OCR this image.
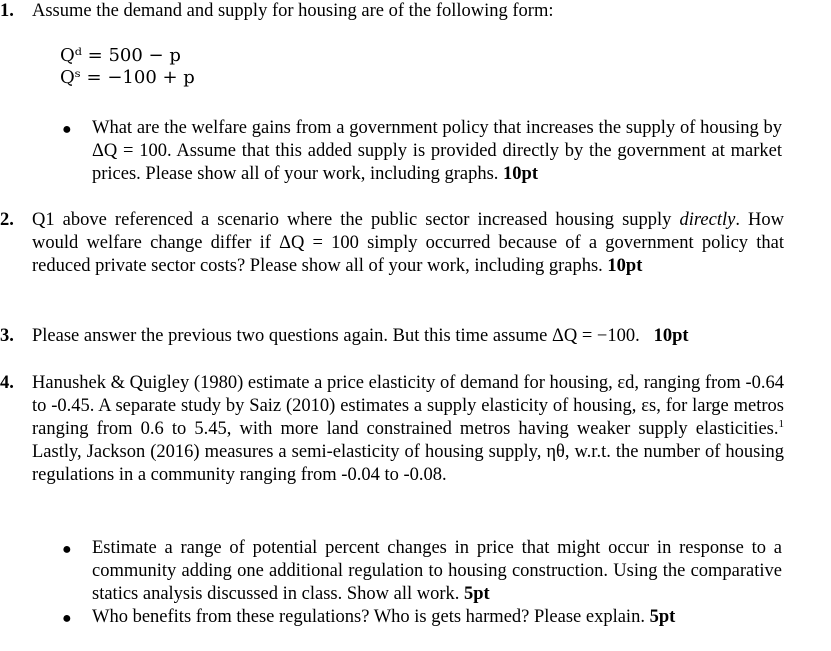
1. Assume the demand and supply for housing are of the following form:
Qᵈ = 500 − p
Qˢ = −100 + p
● What are the welfare gains from a government policy that increases the supply of housing by ΔQ = 100. Assume that this added supply is provided directly by the government at market prices. Please show all of your work, including graphs. 10pt
2. Q1 above referenced a scenario where the public sector increased housing supply directly. How would welfare change differ if ΔQ = 100 simply occurred because of a government policy that reduced private sector costs? Please show all of your work, including graphs. 10pt
3. Please answer the previous two questions again. But this time assume ΔQ = −100. 10pt
4. Hanushek & Quigley (1980) estimate a price elasticity of demand for housing, εd, ranging from -0.64 to -0.45. A separate study by Saiz (2010) estimates a supply elasticity of housing, εs, for large metros ranging from 0.6 to 5.45, with more land constrained metros having weaker supply elasticities.$^1$ Lastly, Jackson (2016) measures a semi-elasticity of housing supply, ηθ, w.r.t. the number of housing regulations in a community ranging from -0.04 to -0.08.
● Estimate a range of potential percent changes in price that might occur in response to a community adding one additional regulation to housing construction. Using the comparative statics analysis discussed in class. Show all work. 5pt
● Who benefits from these regulations? Who is gets harmed? Please explain. 5pt
